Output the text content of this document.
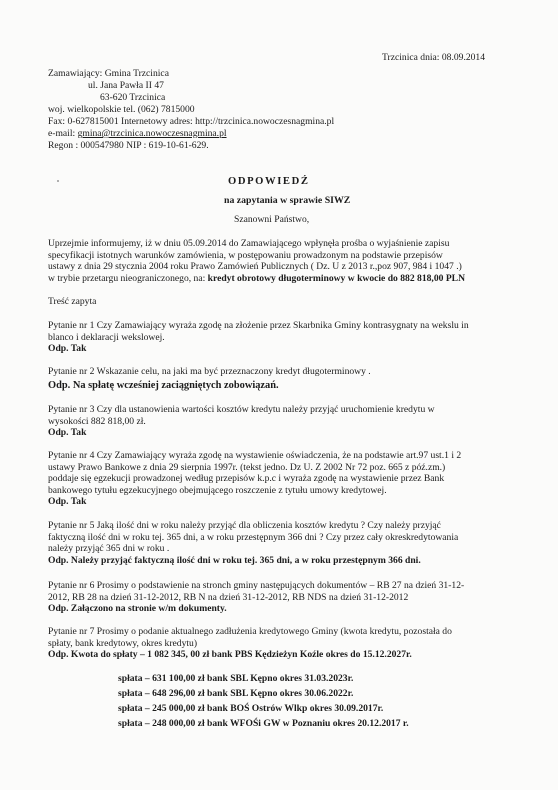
Trzcinica dnia: 08.09.2014
Zamawiający: Gmina Trzcinica
ul. Jana Pawła II 47
63-620 Trzcinica
woj. wielkopolskie tel. (062) 7815000
Fax: 0-627815001 Internetowy adres: http://trzcinica.nowoczesnagmina.pl
e-mail: gmina@trzcinica.nowoczesnagmina.pl
Regon : 000547980 NIP : 619-10-61-629.
ODPOWIEDŹ
na zapytania w sprawie SIWZ
Szanowni Państwo,
Uprzejmie informujemy, iż w dniu 05.09.2014 do Zamawiającego wpłynęła prośba o wyjaśnienie zapisu
specyfikacji istotnych warunków zamówienia, w postępowaniu prowadzonym na podstawie przepisów
ustawy z dnia 29 stycznia 2004 roku Prawo Zamówień Publicznych ( Dz. U z 2013 r.,poz 907, 984 i 1047 .)
w trybie przetargu nieograniczonego, na: kredyt obrotowy długoterminowy w kwocie do 882 818,00 PLN
Treść zapyta
Pytanie nr 1 Czy Zamawiający wyraża zgodę na złożenie przez Skarbnika Gminy kontrasygnaty na wekslu in
blanco i deklaracji wekslowej.
Odp. Tak
Pytanie nr 2 Wskazanie celu, na jaki ma być przeznaczony kredyt długoterminowy .
Odp. Na spłatę wcześniej zaciągniętych zobowiązań.
Pytanie nr 3 Czy dla ustanowienia wartości kosztów kredytu należy przyjąć uruchomienie kredytu w
wysokości 882 818,00 zł.
Odp. Tak
Pytanie nr 4 Czy Zamawiający wyraża zgodę na wystawienie oświadczenia, że na podstawie art.97 ust.1 i 2
ustawy Prawo Bankowe z dnia 29 sierpnia 1997r. (tekst jedno. Dz U. Z 2002 Nr 72 poz. 665 z póź.zm.)
poddaje się egzekucji prowadzonej według przepisów k.p.c i wyraża zgodę na wystawienie przez Bank
bankowego tytułu egzekucyjnego obejmującego roszczenie z tytułu umowy kredytowej.
Odp. Tak
Pytanie nr 5 Jaką ilość dni w roku należy przyjąć dla obliczenia kosztów kredytu ? Czy należy przyjąć
faktyczną ilość dni w roku tej. 365 dni, a w roku przestępnym 366 dni ? Czy przez cały okreskredytowania
należy przyjąć 365 dni w roku .
Odp. Należy przyjąć faktyczną ilość dni w roku tej. 365 dni, a w roku przestępnym 366 dni.
Pytanie nr 6 Prosimy o podstawienie na stronch gminy następujących dokumentów – RB 27 na dzień 31-12-
2012, RB 28 na dzień 31-12-2012, RB N na dzień 31-12-2012, RB NDS na dzień 31-12-2012
Odp. Załączono na stronie w/m dokumenty.
Pytanie nr 7 Prosimy o podanie aktualnego zadłużenia kredytowego Gminy (kwota kredytu, pozostała do
spłaty, bank kredytowy, okres kredytu)
Odp. Kwota do spłaty – 1 082 345, 00 zł bank PBS Kędzieżyn Koźle okres do 15.12.2027r.
spłata – 631 100,00 zł bank SBL Kępno okres 31.03.2023r.
spłata – 648 296,00 zł bank SBL Kępno okres 30.06.2022r.
spłata – 245 000,00 zł bank BOŚ Ostrów Wlkp okres 30.09.2017r.
spłata – 248 000,00 zł bank WFOŚi GW w Poznaniu okres 20.12.2017 r.
